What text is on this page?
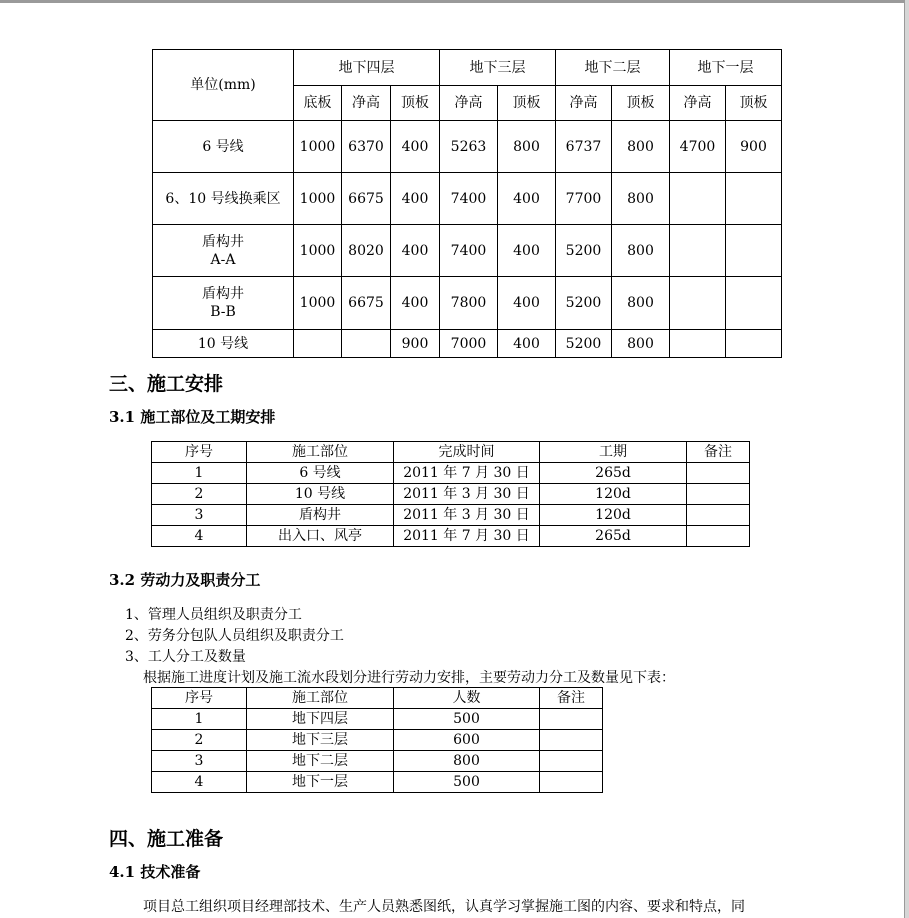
单位(mm)	地下四层			地下三层		地下二层		地下一层	
	底板	净高	顶板	净高	顶板	净高	顶板	净高	顶板
6 号线	1000	6370	400	5263	800	6737	800	4700	900
6、10 号线换乘区	1000	6675	400	7400	400	7700	800		
盾构井
A-A	1000	8020	400	7400	400	5200	800		
盾构井
B-B	1000	6675	400	7800	400	5200	800		
10 号线			900	7000	400	5200	800		
三、施工安排
3.1 施工部位及工期安排
序号	施工部位	完成时间	工期	备注
1	6 号线	2011 年 7 月 30 日	265d	
2	10 号线	2011 年 3 月 30 日	120d	
3	盾构井	2011 年 3 月 30 日	120d	
4	出入口、风亭	2011 年 7 月 30 日	265d	
3.2 劳动力及职责分工
1、管理人员组织及职责分工
2、劳务分包队人员组织及职责分工
3、工人分工及数量
根据施工进度计划及施工流水段划分进行劳动力安排，主要劳动力分工及数量见下表：
序号	施工部位	人数	备注
1	地下四层	500	
2	地下三层	600	
3	地下二层	800	
4	地下一层	500	
四、施工准备
4.1 技术准备
项目总工组织项目经理部技术、生产人员熟悉图纸，认真学习掌握施工图的内容、要求和特点，同
